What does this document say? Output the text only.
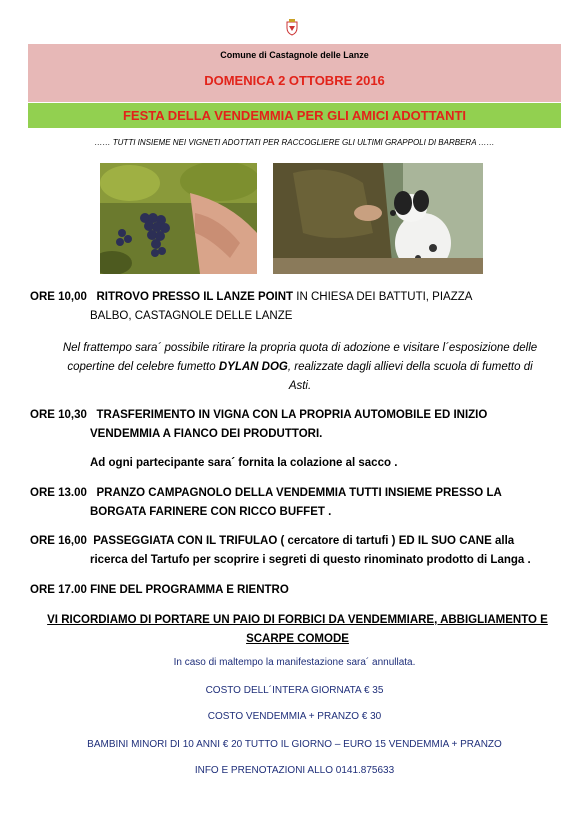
Comune di Castagnole delle Lanze
DOMENICA 2 OTTOBRE 2016
FESTA DELLA VENDEMMIA PER GLI AMICI ADOTTANTI
…… TUTTI INSIEME NEI VIGNETI ADOTTATI PER RACCOGLIERE GLI ULTIMI GRAPPOLI DI BARBERA ……
ORE 10,00 RITROVO PRESSO IL LANZE POINT IN CHIESA DEI BATTUTI, PIAZZA
BALBO, CASTAGNOLE DELLE LANZE
Nel frattempo sara´ possibile ritirare la propria quota di adozione e visitare l´esposizione delle
copertine del celebre fumetto DYLAN DOG, realizzate dagli allievi della scuola di fumetto di
Asti.
ORE 10,30 TRASFERIMENTO IN VIGNA CON LA PROPRIA AUTOMOBILE ED INIZIO
VENDEMMIA A FIANCO DEI PRODUTTORI.
Ad ogni partecipante sara´ fornita la colazione al sacco .
ORE 13.00 PRANZO CAMPAGNOLO DELLA VENDEMMIA TUTTI INSIEME PRESSO LA
BORGATA FARINERE CON RICCO BUFFET .
ORE 16,00 PASSEGGIATA CON IL TRIFULAO ( cercatore di tartufi ) ED IL SUO CANE alla
ricerca del Tartufo per scoprire i segreti di questo rinominato prodotto di Langa .
ORE 17.00 FINE DEL PROGRAMMA E RIENTRO
VI RICORDIAMO DI PORTARE UN PAIO DI FORBICI DA VENDEMMIARE, ABBIGLIAMENTO E
SCARPE COMODE
In caso di maltempo la manifestazione sara´ annullata.
COSTO DELL´INTERA GIORNATA € 35
COSTO VENDEMMIA + PRANZO € 30
BAMBINI MINORI DI 10 ANNI € 20 TUTTO IL GIORNO – EURO 15 VENDEMMIA + PRANZO
INFO E PRENOTAZIONI ALLO 0141.875633
